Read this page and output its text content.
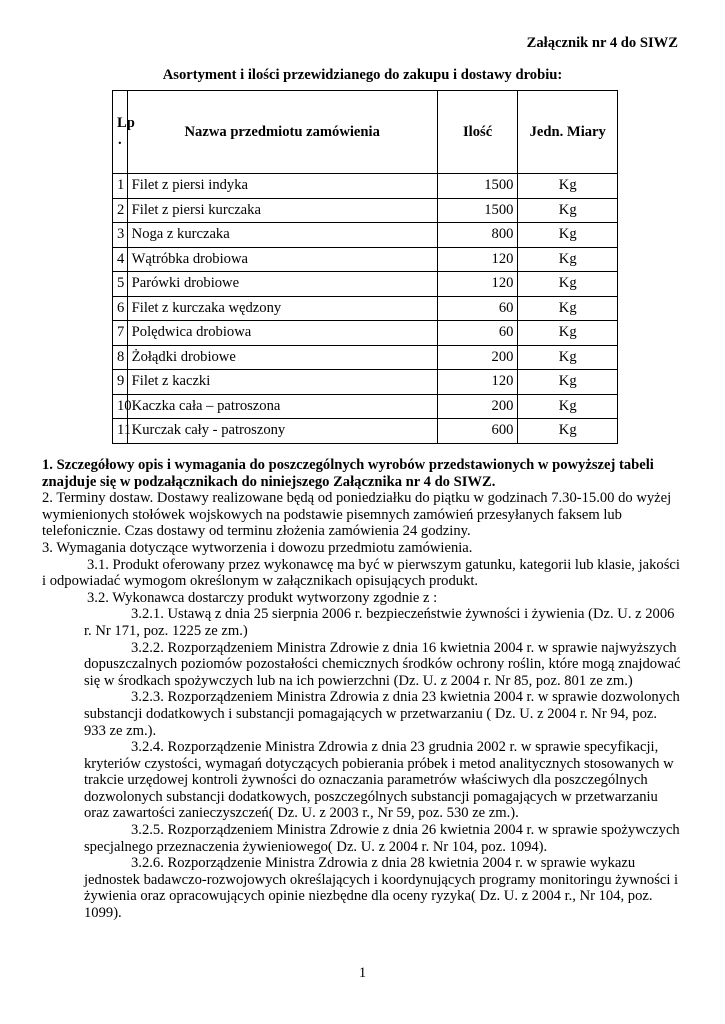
Załącznik nr 4 do SIWZ
Asortyment i ilości przewidzianego do zakupu i dostawy drobiu:
Lp .	Nazwa przedmiotu zamówienia	Ilość	Jedn. Miary
1	Filet z piersi indyka	1500	Kg
2	Filet z piersi kurczaka	1500	Kg
3	Noga z kurczaka	800	Kg
4	Wątróbka drobiowa	120	Kg
5	Parówki drobiowe	120	Kg
6	Filet z kurczaka wędzony	60	Kg
7	Polędwica drobiowa	60	Kg
8	Żołądki drobiowe	200	Kg
9	Filet z kaczki	120	Kg
10	Kaczka cała – patroszona	200	Kg
11	Kurczak cały - patroszony	600	Kg

1. Szczegółowy opis i wymagania do poszczególnych wyrobów przedstawionych w powyższej tabeli znajduje się w podzałącznikach do niniejszego Załącznika nr 4 do SIWZ.

2. Terminy dostaw. Dostawy realizowane będą od poniedziałku do piątku w godzinach 7.30-15.00 do wyżej wymienionych stołówek wojskowych na podstawie pisemnych zamówień przesyłanych faksem lub telefonicznie. Czas dostawy od terminu złożenia zamówienia 24 godziny.

3. Wymagania dotyczące wytworzenia i dowozu przedmiotu zamówienia.

3.1. Produkt oferowany przez wykonawcę ma być w pierwszym gatunku, kategorii lub klasie, jakości i odpowiadać wymogom określonym w załącznikach opisujących produkt.

3.2. Wykonawca dostarczy produkt wytworzony zgodnie z :

3.2.1. Ustawą z dnia 25 sierpnia 2006 r. bezpieczeństwie żywności i żywienia (Dz. U. z 2006 r. Nr 171, poz. 1225 ze zm.)

3.2.2. Rozporządzeniem Ministra Zdrowie z dnia 16 kwietnia 2004 r. w sprawie najwyższych dopuszczalnych poziomów pozostałości chemicznych środków ochrony roślin, które mogą znajdować się w środkach spożywczych lub na ich powierzchni (Dz. U. z 2004 r. Nr 85, poz. 801 ze zm.)

3.2.3. Rozporządzeniem Ministra Zdrowia z dnia 23 kwietnia 2004 r. w sprawie dozwolonych substancji dodatkowych i substancji pomagających w przetwarzaniu ( Dz. U. z 2004 r. Nr 94, poz. 933 ze zm.).

3.2.4. Rozporządzenie Ministra Zdrowia z dnia 23 grudnia 2002 r. w sprawie specyfikacji, kryteriów czystości, wymagań dotyczących pobierania próbek i metod analitycznych stosowanych w trakcie urzędowej kontroli żywności do oznaczania parametrów właściwych dla poszczególnych dozwolonych substancji dodatkowych, poszczególnych substancji pomagających w przetwarzaniu oraz zawartości zanieczyszczeń( Dz. U. z 2003 r., Nr 59, poz. 530 ze zm.).

3.2.5. Rozporządzeniem Ministra Zdrowie z dnia 26 kwietnia 2004 r. w sprawie spożywczych specjalnego przeznaczenia żywieniowego( Dz. U. z 2004 r. Nr 104, poz. 1094).

3.2.6. Rozporządzenie Ministra Zdrowia z dnia 28 kwietnia 2004 r. w sprawie wykazu jednostek badawczo-rozwojowych określających i koordynujących programy monitoringu żywności i żywienia oraz opracowujących opinie niezbędne dla oceny ryzyka( Dz. U. z 2004 r., Nr 104, poz. 1099).

1
